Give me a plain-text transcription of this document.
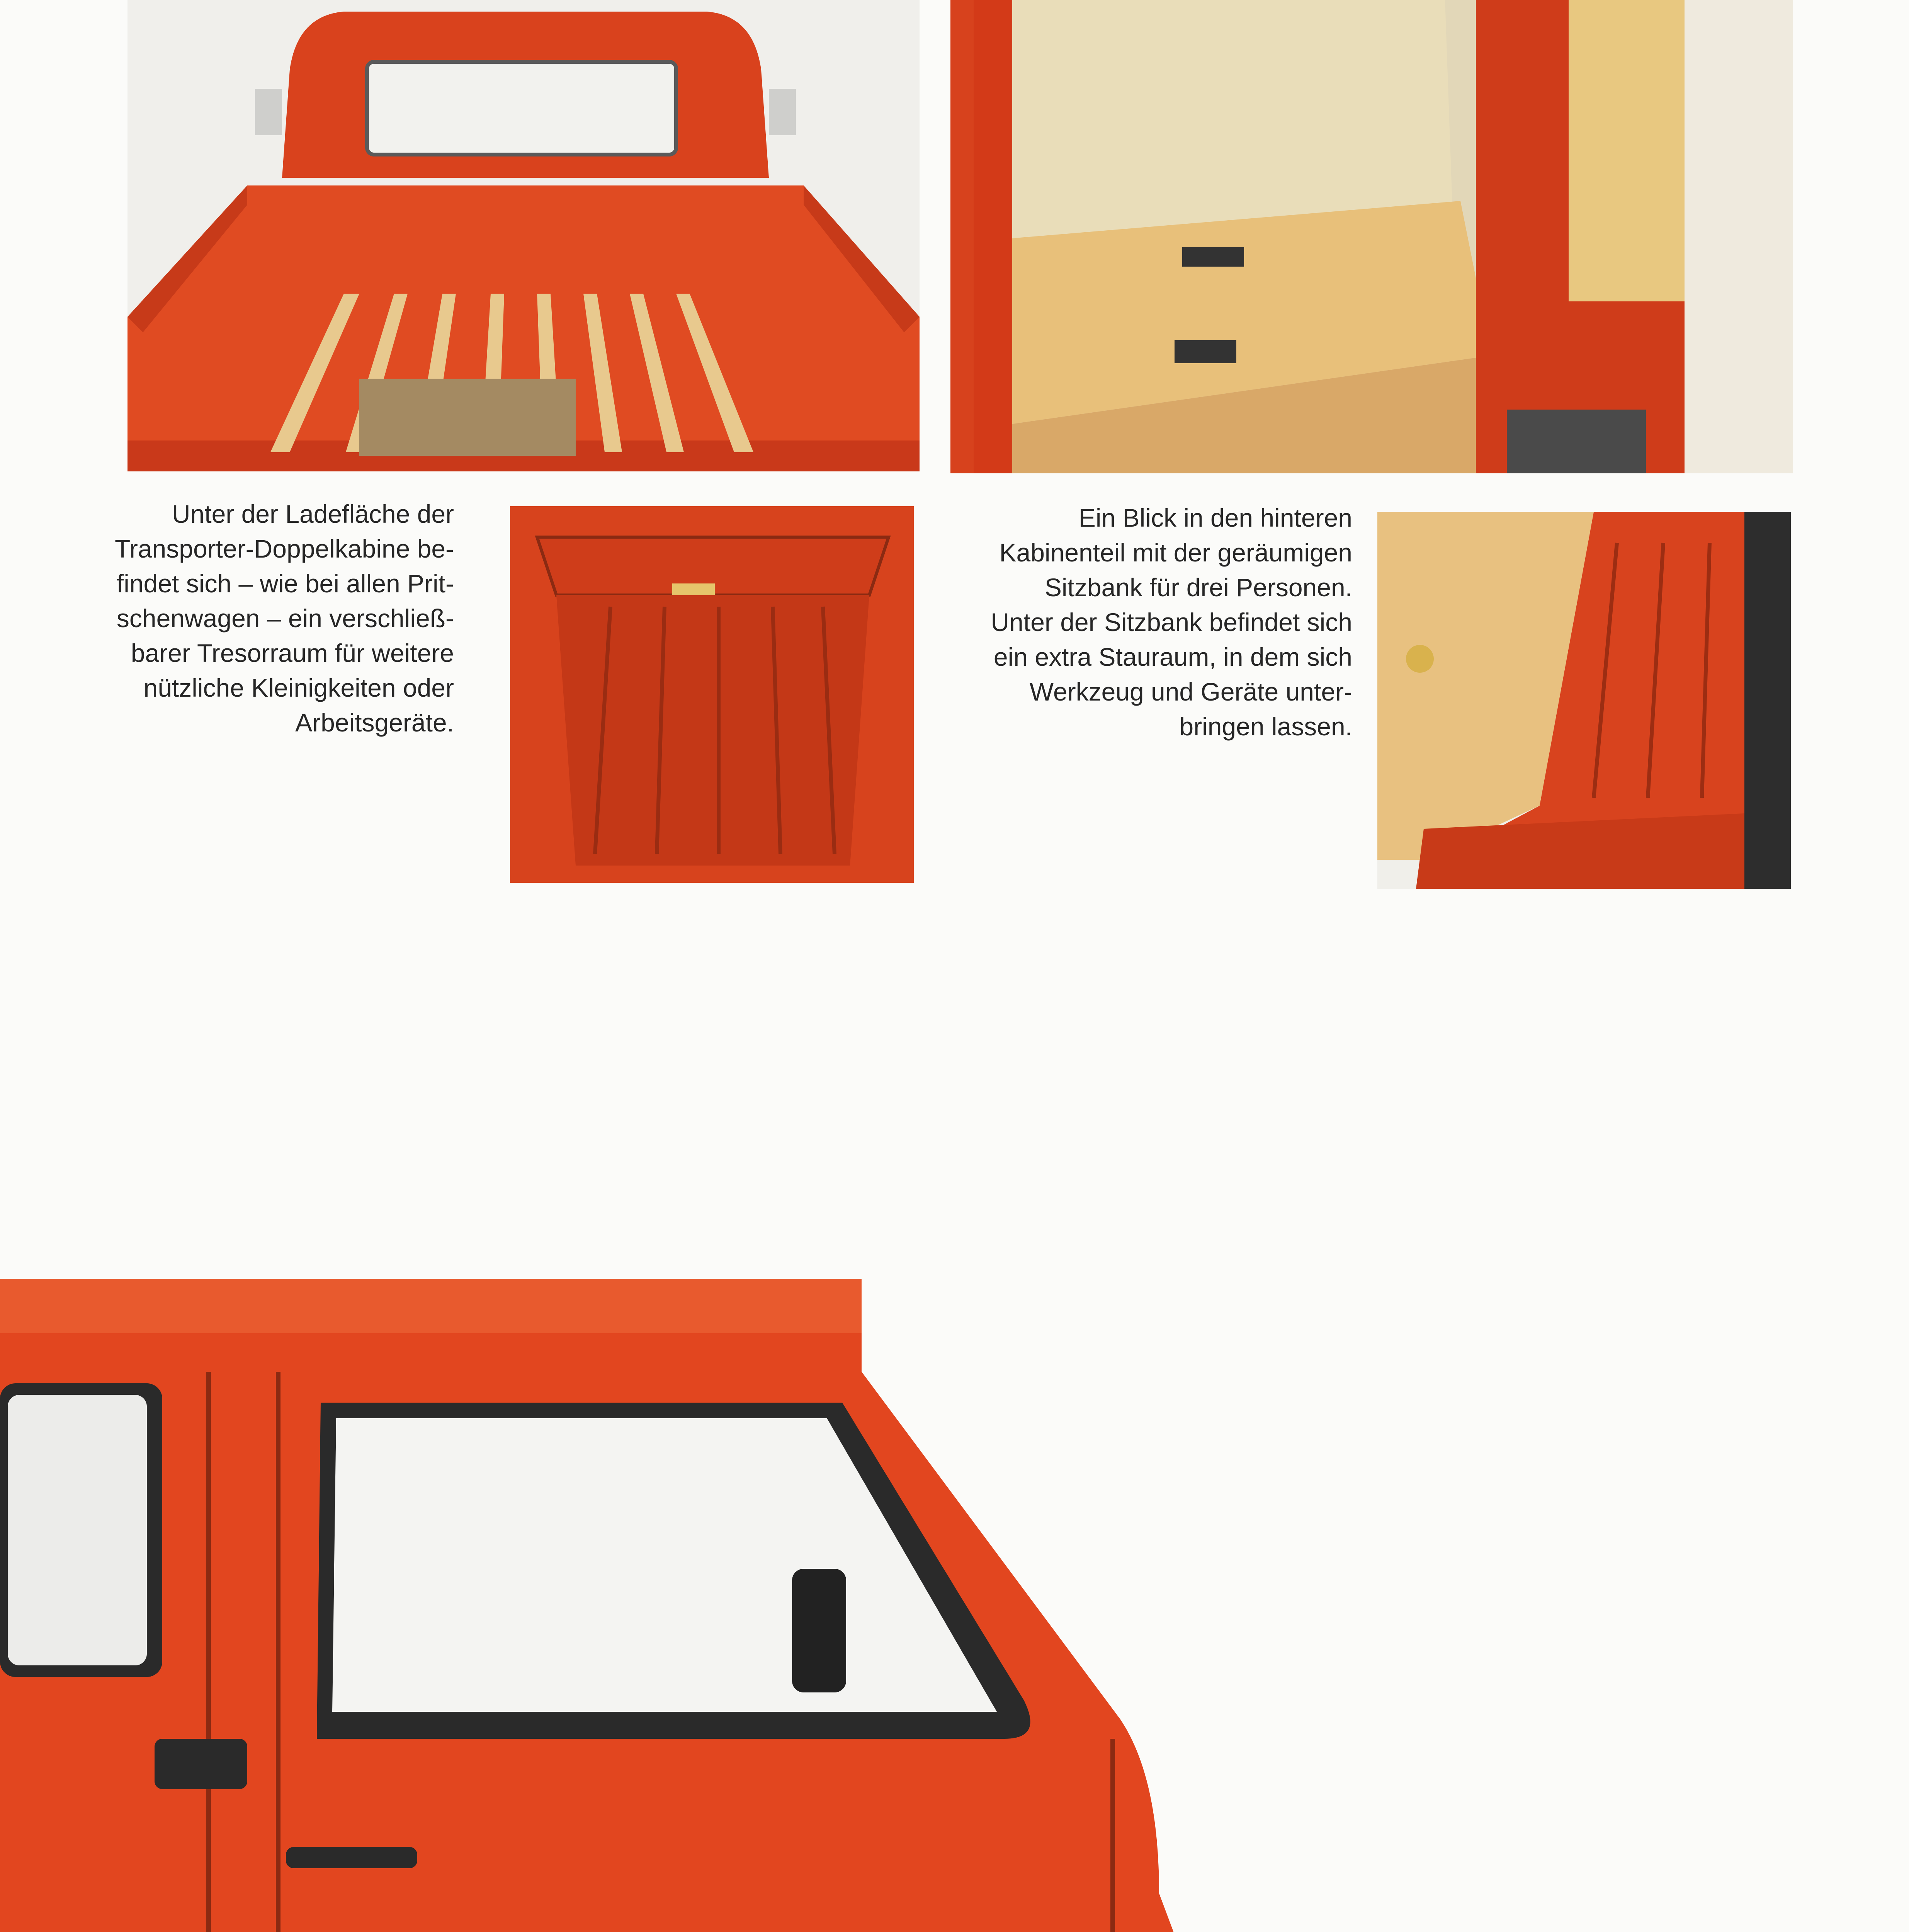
Unter der Ladefläche der
Transporter-Doppelkabine be-
findet sich – wie bei allen Prit-
schenwagen – ein verschließ-
barer Tresorraum für weitere
nützliche Kleinigkeiten oder
Arbeitsgeräte.
Ein Blick in den hinteren
Kabinenteil mit der geräumigen
Sitzbank für drei Personen.
Unter der Sitzbank befindet sich
ein extra Stauraum, in dem sich
Werkzeug und Geräte unter-
bringen lassen.
